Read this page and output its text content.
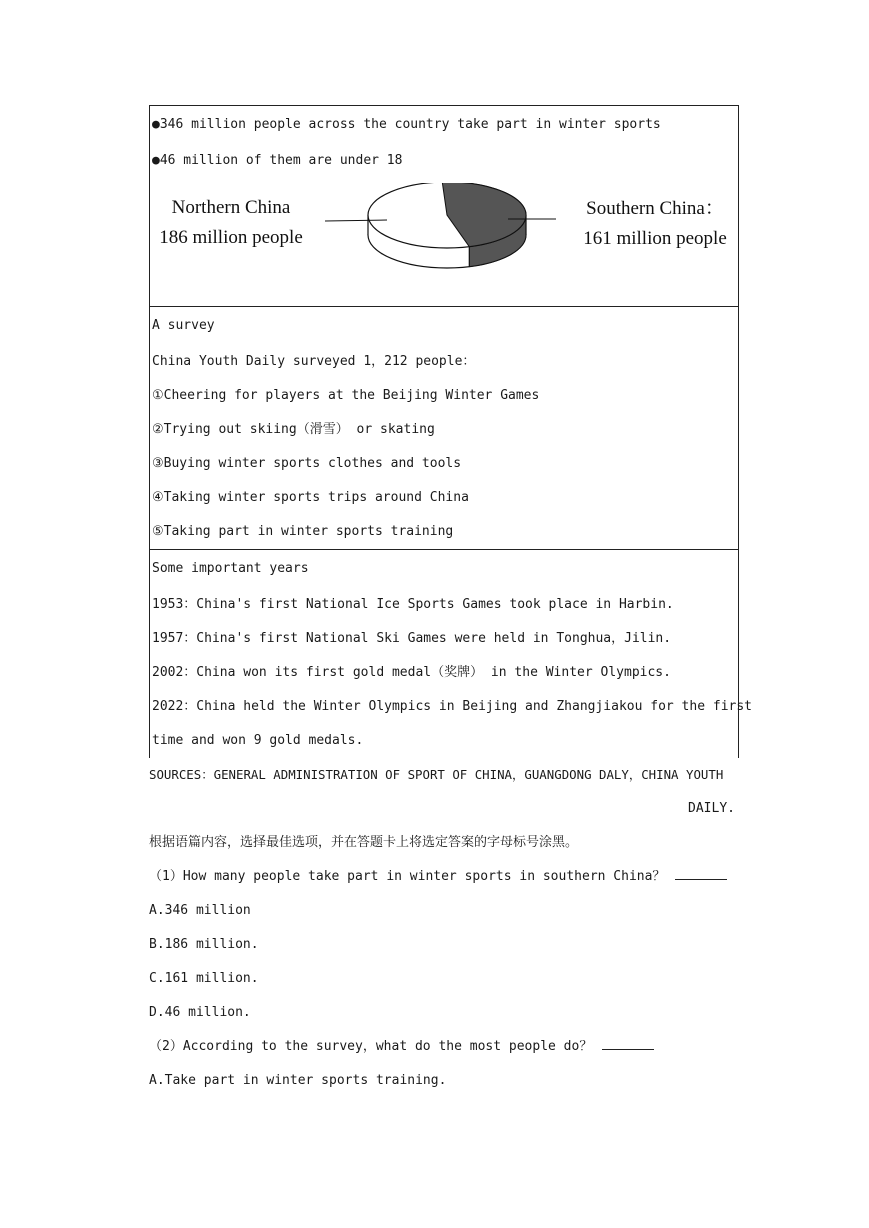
●346 million people across the country take part in winter sports
●46 million of them are under 18
Northern China
186 million people
Southern China：
161 million people
A survey
China Youth Daily surveyed 1，212 people：
①Cheering for players at the Beijing Winter Games
②Trying out skiing（滑雪） or skating
③Buying winter sports clothes and tools
④Taking winter sports trips around China
⑤Taking part in winter sports training
Some important years
1953：China's first National Ice Sports Games took place in Harbin.
1957：China's first National Ski Games were held in Tonghua，Jilin.
2002：China won its first gold medal（奖牌） in the Winter Olympics.
2022：China held the Winter Olympics in Beijing and Zhangjiakou for the first
time and won 9 gold medals.
SOURCES：GENERAL ADMINISTRATION OF SPORT OF CHINA，GUANGDONG DALY，CHINA YOUTH
DAILY.
根据语篇内容，选择最佳选项，并在答题卡上将选定答案的字母标号涂黑。
（1）How many people take part in winter sports in southern China？
A.346 million
B.186 million.
C.161 million.
D.46 million.
（2）According to the survey，what do the most people do？
A.Take part in winter sports training.
